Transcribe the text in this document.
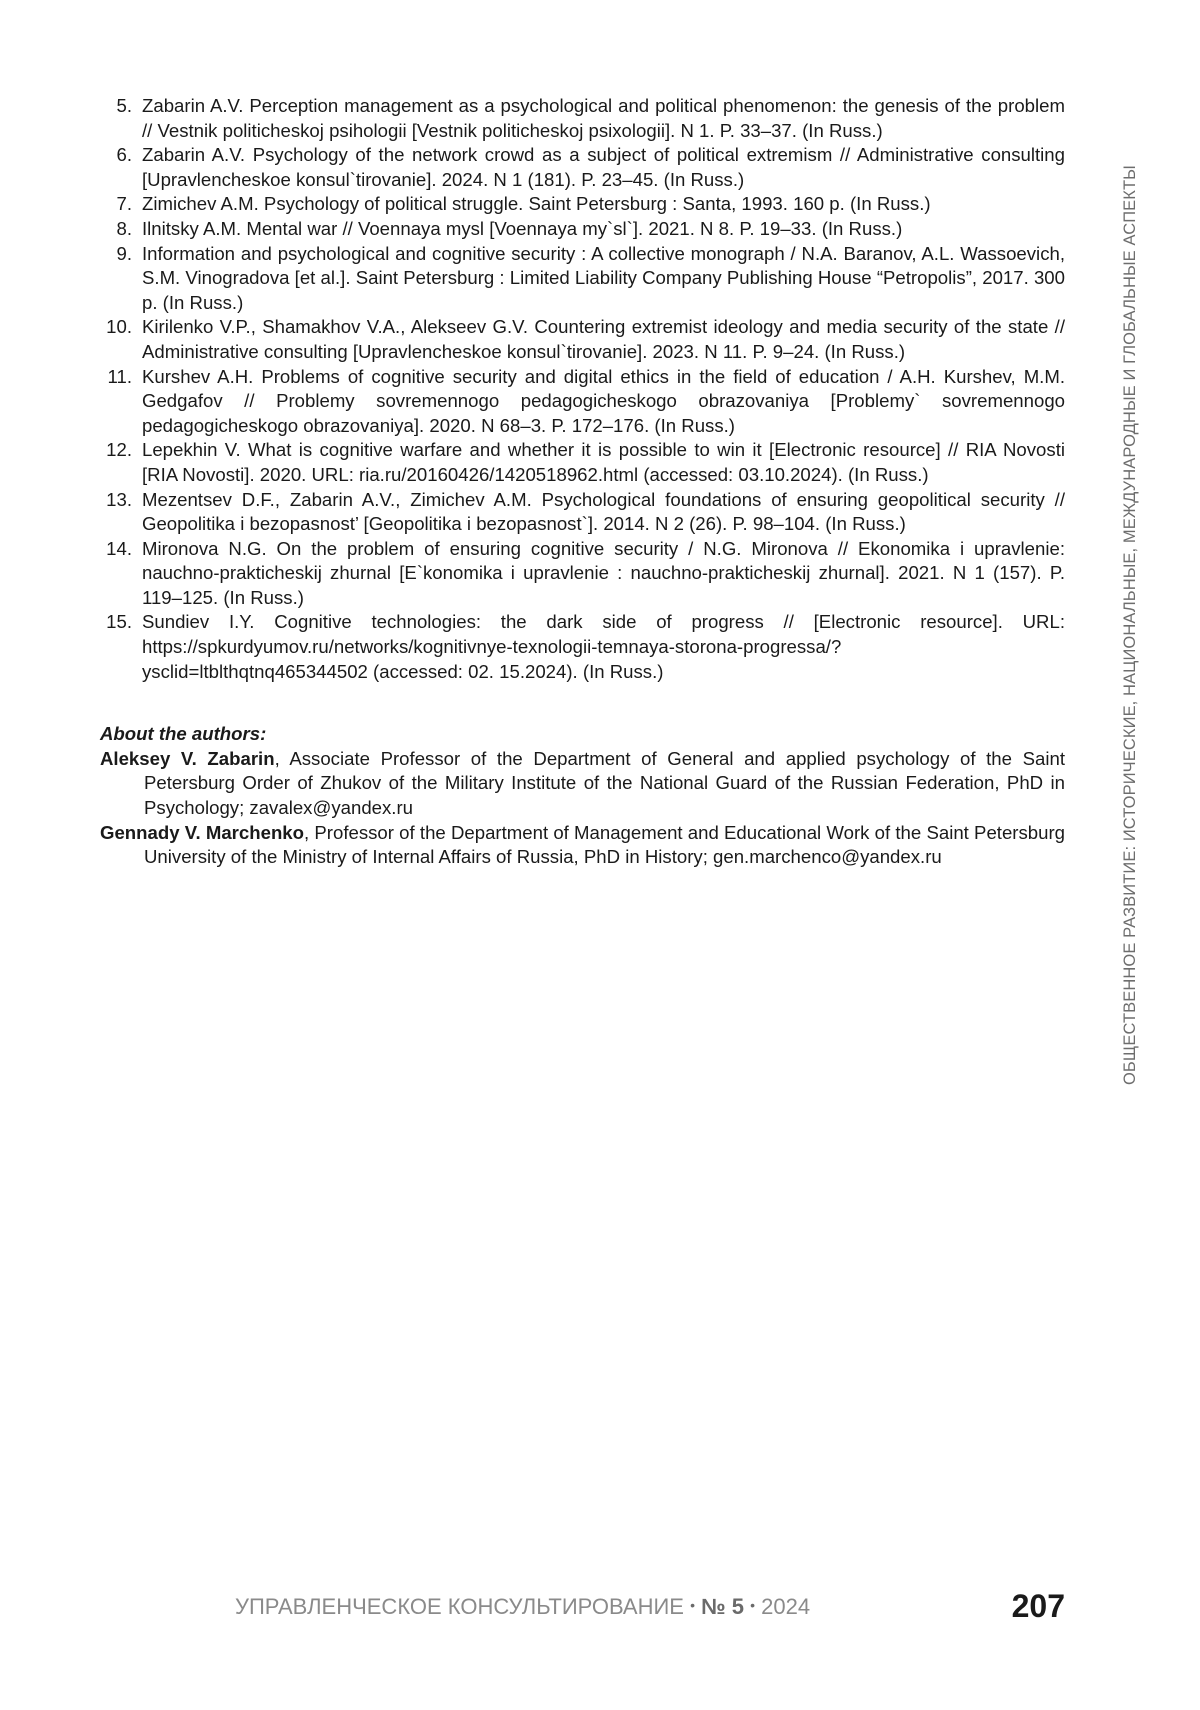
5. Zabarin A.V. Perception management as a psychological and political phenomenon: the genesis of the problem // Vestnik politicheskoj psihologii [Vestnik politicheskoj psixologii]. N 1. P. 33–37. (In Russ.)
6. Zabarin A.V. Psychology of the network crowd as a subject of political extremism // Administrative consulting [Upravlencheskoe konsul`tirovanie]. 2024. N 1 (181). P. 23–45. (In Russ.)
7. Zimichev A.M. Psychology of political struggle. Saint Petersburg : Santa, 1993. 160 p. (In Russ.)
8. Ilnitsky A.M. Mental war // Voennaya mysl [Voennaya my`sl`]. 2021. N 8. P. 19–33. (In Russ.)
9. Information and psychological and cognitive security : A collective monograph / N.A. Baranov, A.L. Wassoevich, S.M. Vinogradova [et al.]. Saint Petersburg : Limited Liability Company Publishing House “Petropolis”, 2017. 300 p. (In Russ.)
10. Kirilenko V.P., Shamakhov V.A., Alekseev G.V. Countering extremist ideology and media security of the state // Administrative consulting [Upravlencheskoe konsul`tirovanie]. 2023. N 11. P. 9–24. (In Russ.)
11. Kurshev A.H. Problems of cognitive security and digital ethics in the field of education / A.H. Kurshev, M.M. Gedgafov // Problemy sovremennogo pedagogicheskogo obrazovaniya [Problemy` sovremennogo pedagogicheskogo obrazovaniya]. 2020. N 68–3. P. 172–176. (In Russ.)
12. Lepekhin V. What is cognitive warfare and whether it is possible to win it [Electronic resource] // RIA Novosti [RIA Novosti]. 2020. URL: ria.ru/20160426/1420518962.html (accessed: 03.10.2024). (In Russ.)
13. Mezentsev D.F., Zabarin A.V., Zimichev A.M. Psychological foundations of ensuring geopolitical security // Geopolitika i bezopasnost’ [Geopolitika i bezopasnost`]. 2014. N 2 (26). P. 98–104. (In Russ.)
14. Mironova N.G. On the problem of ensuring cognitive security / N.G. Mironova // Ekonomika i upravlenie: nauchno-prakticheskij zhurnal [E`konomika i upravlenie : nauchno-prakticheskij zhurnal]. 2021. N 1 (157). P. 119–125. (In Russ.)
15. Sundiev I.Y. Cognitive technologies: the dark side of progress // [Electronic resource]. URL: https://spkurdyumov.ru/networks/kognitivnye-texnologii-temnaya-storona-progressa/?ysclid=ltblthqtnq465344502 (accessed: 02. 15.2024). (In Russ.)
About the authors:
Aleksey V. Zabarin, Associate Professor of the Department of General and applied psychology of the Saint Petersburg Order of Zhukov of the Military Institute of the National Guard of the Russian Federation, PhD in Psychology; zavalex@yandex.ru
Gennady V. Marchenko, Professor of the Department of Management and Educational Work of the Saint Petersburg University of the Ministry of Internal Affairs of Russia, PhD in History; gen.marchenco@yandex.ru	ОБЩЕСТВЕННОЕ РАЗВИТИЕ: ИСТОРИЧЕСКИЕ, НАЦИОНАЛЬНЫЕ, МЕЖДУНАРОДНЫЕ И ГЛОБАЛЬНЫЕ АСПЕКТЫ
УПРАВЛЕНЧЕСКОЕ КОНСУЛЬТИРОВАНИЕ • № 5 • 2024	207
